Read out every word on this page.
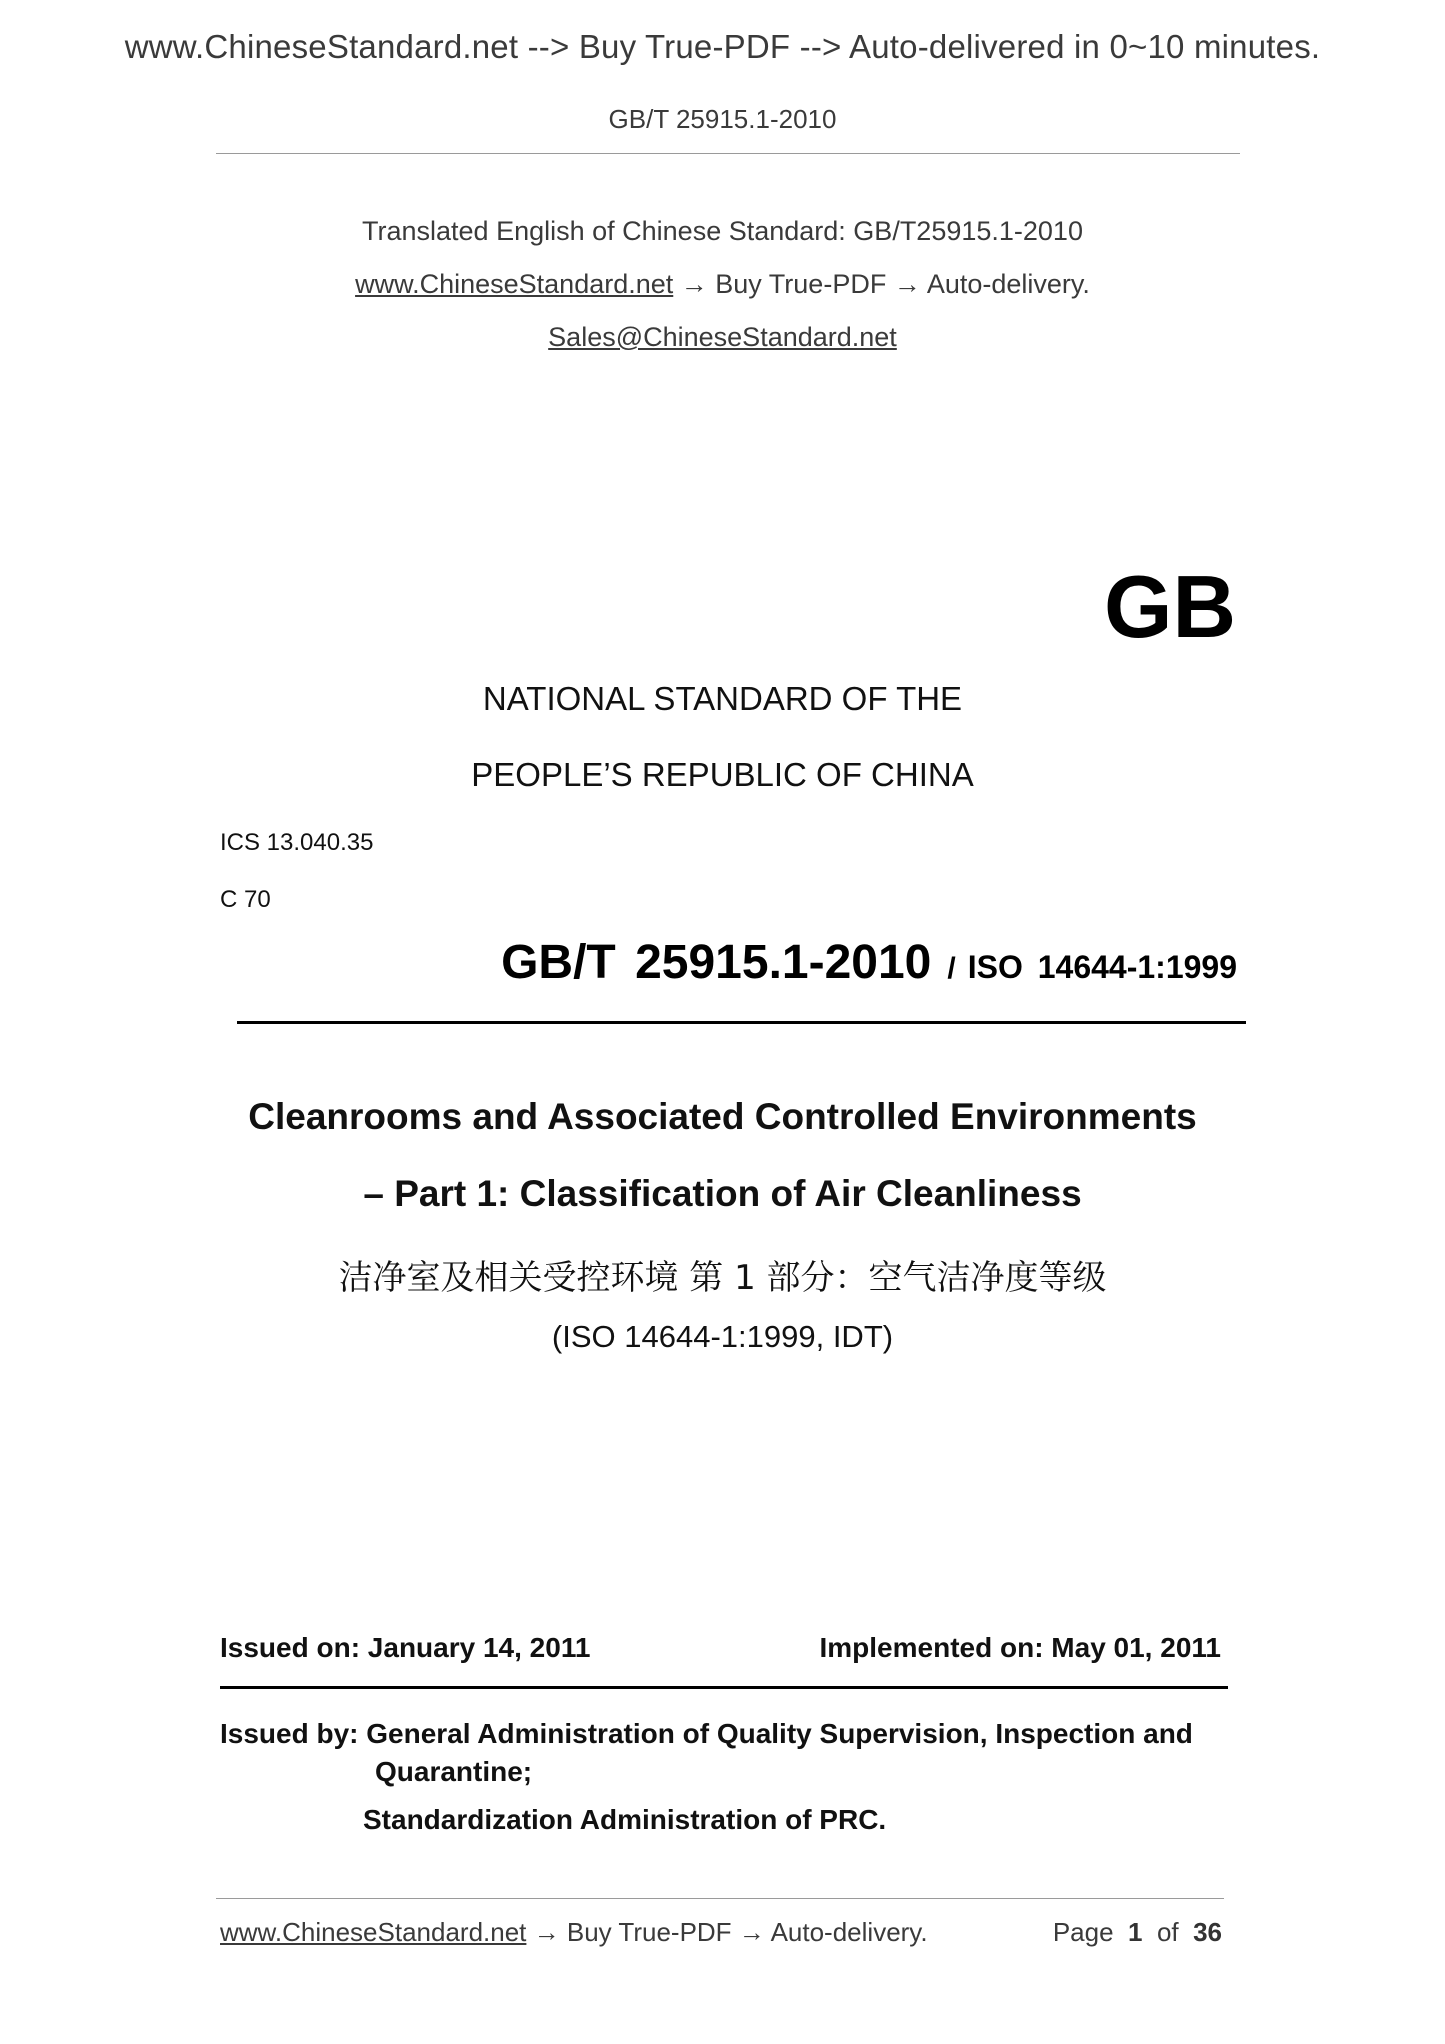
www.ChineseStandard.net --> Buy True-PDF --> Auto-delivered in 0~10 minutes.
GB/T 25915.1-2010
Translated English of Chinese Standard: GB/T25915.1-2010
www.ChineseStandard.net → Buy True-PDF → Auto-delivery.
Sales@ChineseStandard.net
GB
NATIONAL STANDARD OF THE
PEOPLE’S REPUBLIC OF CHINA
ICS 13.040.35
C 70
GB/T 25915.1-2010 / ISO 14644-1:1999
Cleanrooms and Associated Controlled Environments
– Part 1: Classification of Air Cleanliness
洁净室及相关受控环境 第 1 部分：空气洁净度等级
(ISO 14644-1:1999, IDT)
Issued on: January 14, 2011	Implemented on: May 01, 2011
Issued by: General Administration of Quality Supervision, Inspection and
Quarantine;
Standardization Administration of PRC.
www.ChineseStandard.net → Buy True-PDF → Auto-delivery.	Page 1 of 36
